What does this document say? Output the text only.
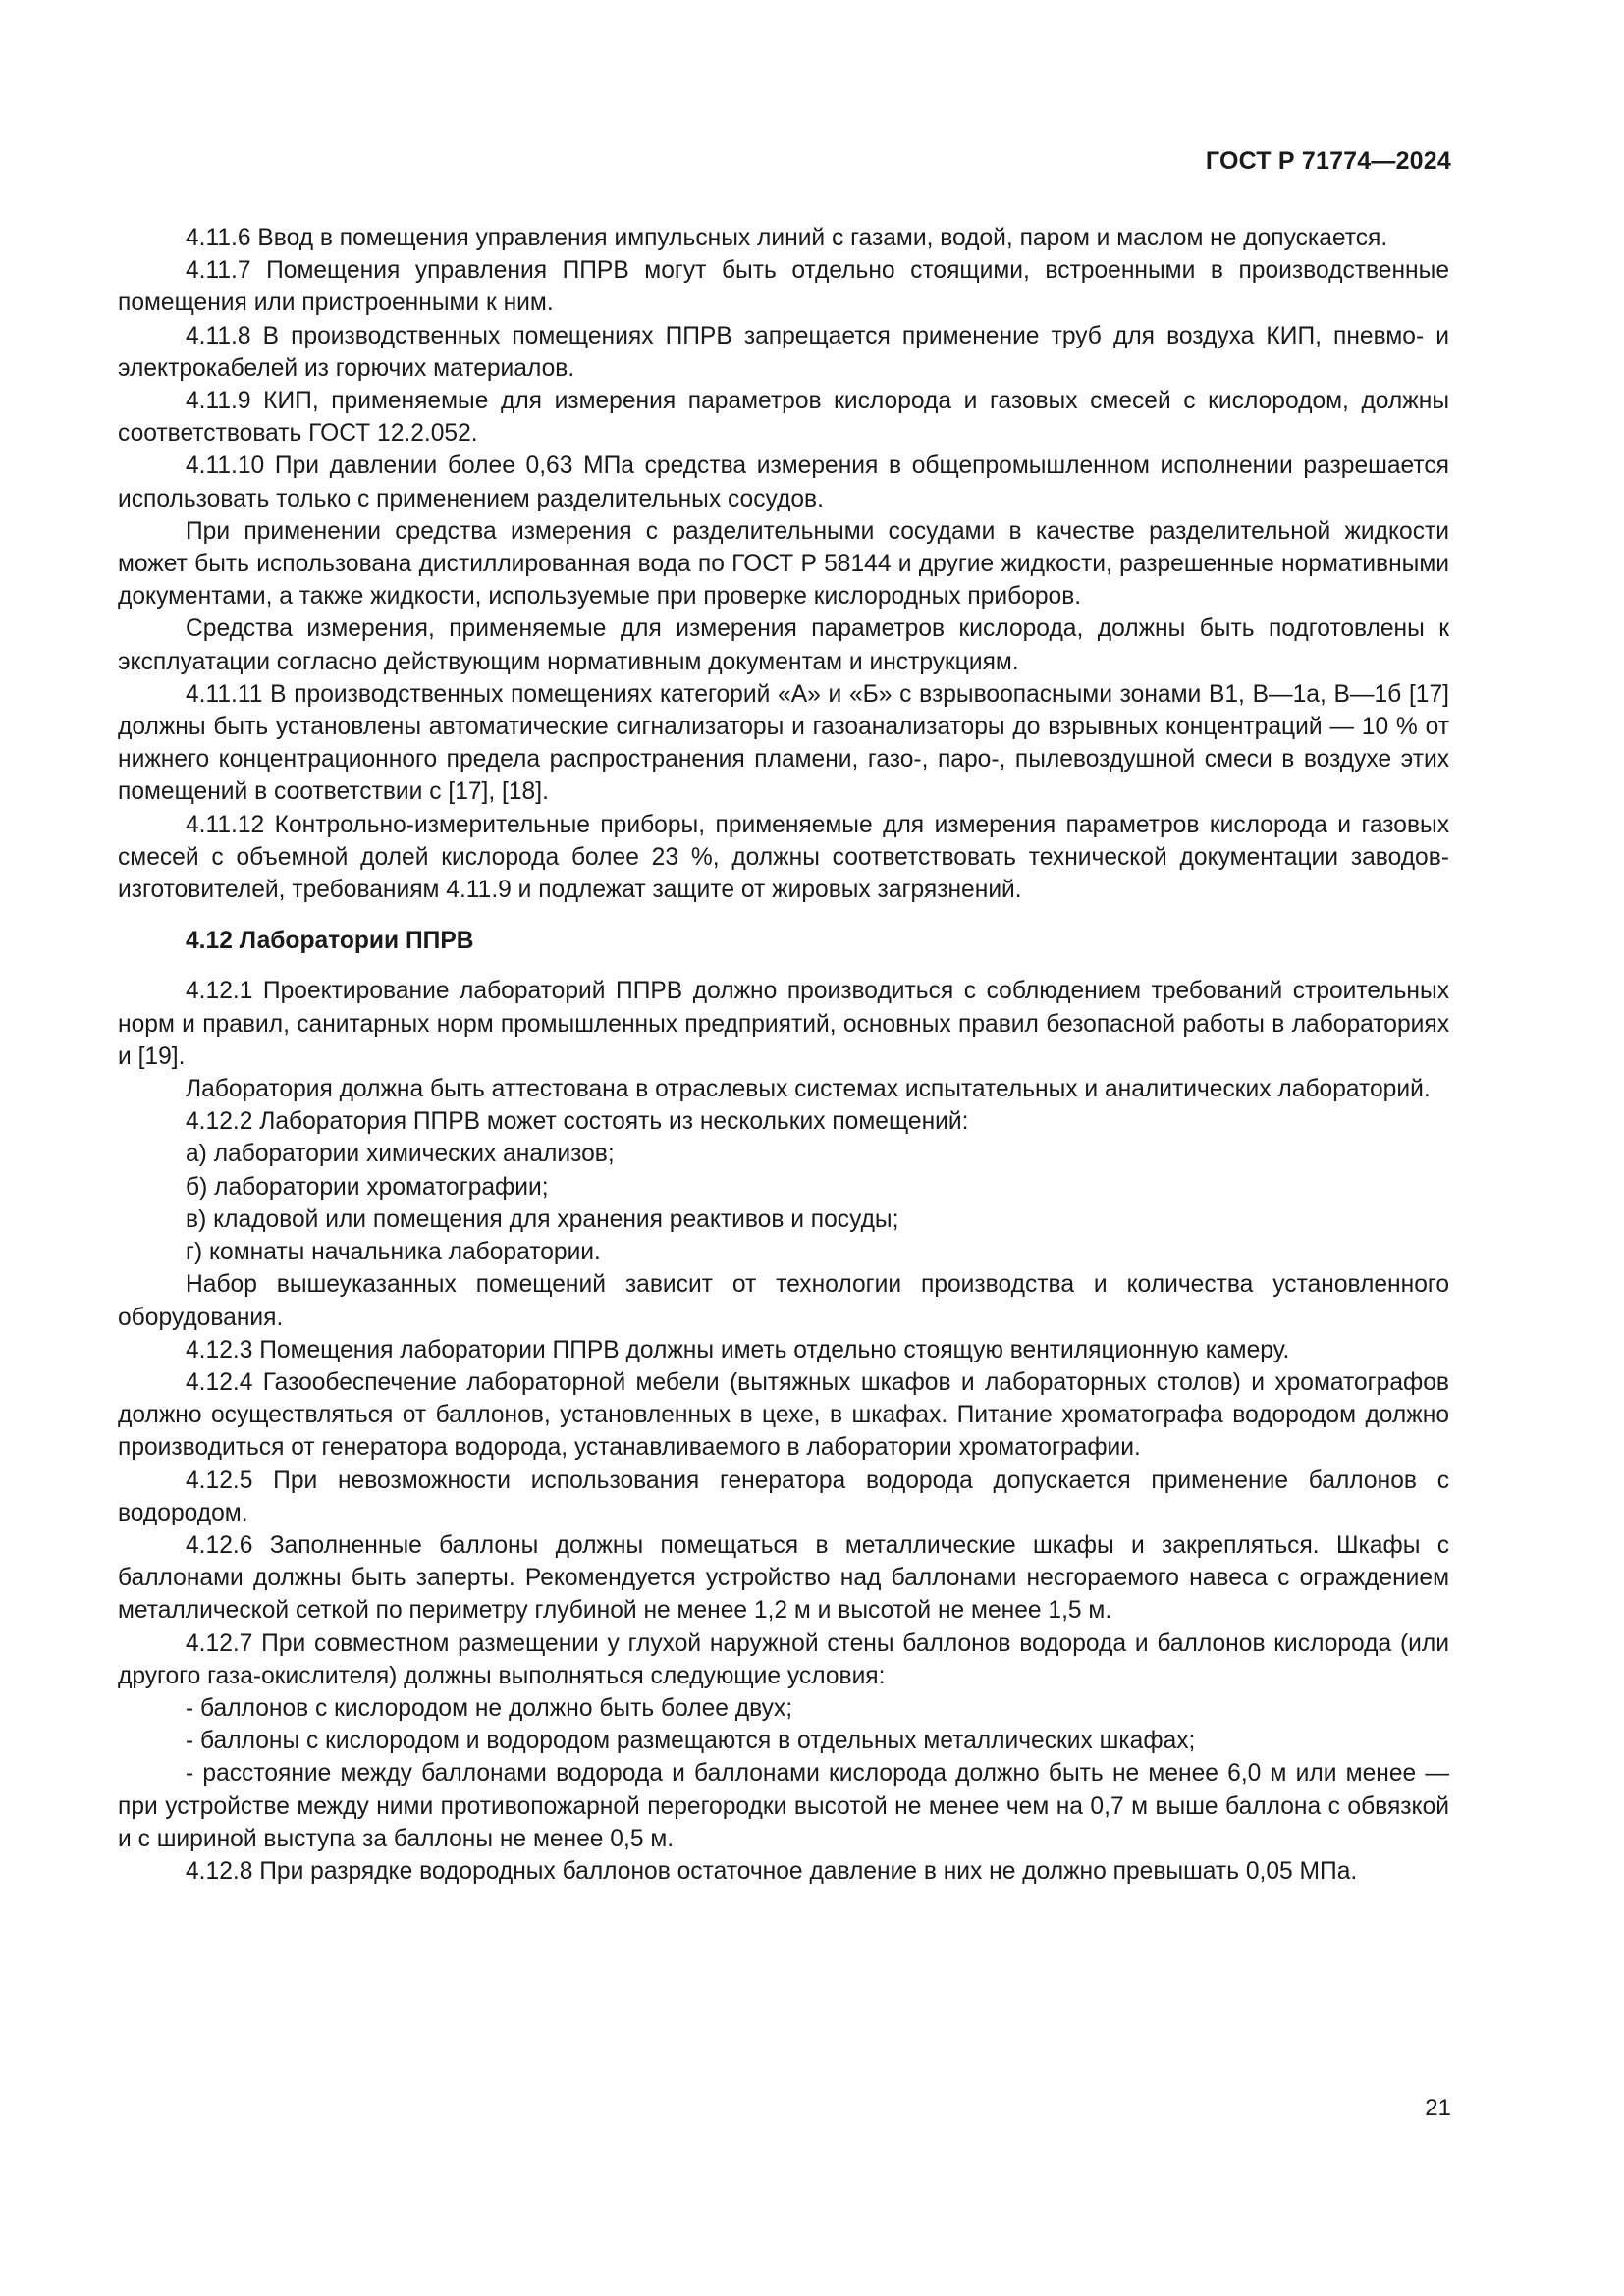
ГОСТ Р 71774—2024

4.11.6 Ввод в помещения управления импульсных линий с газами, водой, паром и маслом не допускается.

4.11.7 Помещения управления ППРВ могут быть отдельно стоящими, встроенными в производственные помещения или пристроенными к ним.

4.11.8 В производственных помещениях ППРВ запрещается применение труб для воздуха КИП, пневмо- и электрокабелей из горючих материалов.

4.11.9 КИП, применяемые для измерения параметров кислорода и газовых смесей с кислородом, должны соответствовать ГОСТ 12.2.052.

4.11.10 При давлении более 0,63 МПа средства измерения в общепромышленном исполнении разрешается использовать только с применением разделительных сосудов.

При применении средства измерения с разделительными сосудами в качестве разделительной жидкости может быть использована дистиллированная вода по ГОСТ Р 58144 и другие жидкости, разрешенные нормативными документами, а также жидкости, используемые при проверке кислородных приборов.

Средства измерения, применяемые для измерения параметров кислорода, должны быть подготовлены к эксплуатации согласно действующим нормативным документам и инструкциям.

4.11.11 В производственных помещениях категорий «А» и «Б» с взрывоопасными зонами В1, В—1а, В—1б [17] должны быть установлены автоматические сигнализаторы и газоанализаторы до взрывных концентраций — 10 % от нижнего концентрационного предела распространения пламени, газо-, паро-, пылевоздушной смеси в воздухе этих помещений в соответствии с [17], [18].

4.11.12 Контрольно-измерительные приборы, применяемые для измерения параметров кислорода и газовых смесей с объемной долей кислорода более 23 %, должны соответствовать технической документации заводов-изготовителей, требованиям 4.11.9 и подлежат защите от жировых загрязнений.

4.12 Лаборатории ППРВ

4.12.1 Проектирование лабораторий ППРВ должно производиться с соблюдением требований строительных норм и правил, санитарных норм промышленных предприятий, основных правил безопасной работы в лабораториях и [19].

Лаборатория должна быть аттестована в отраслевых системах испытательных и аналитических лабораторий.

4.12.2 Лаборатория ППРВ может состоять из нескольких помещений:

а) лаборатории химических анализов;

б) лаборатории хроматографии;

в) кладовой или помещения для хранения реактивов и посуды;

г) комнаты начальника лаборатории.

Набор вышеуказанных помещений зависит от технологии производства и количества установленного оборудования.

4.12.3 Помещения лаборатории ППРВ должны иметь отдельно стоящую вентиляционную камеру.

4.12.4 Газообеспечение лабораторной мебели (вытяжных шкафов и лабораторных столов) и хроматографов должно осуществляться от баллонов, установленных в цехе, в шкафах. Питание хроматографа водородом должно производиться от генератора водорода, устанавливаемого в лаборатории хроматографии.

4.12.5 При невозможности использования генератора водорода допускается применение баллонов с водородом.

4.12.6 Заполненные баллоны должны помещаться в металлические шкафы и закрепляться. Шкафы с баллонами должны быть заперты. Рекомендуется устройство над баллонами несгораемого навеса с ограждением металлической сеткой по периметру глубиной не менее 1,2 м и высотой не менее 1,5 м.

4.12.7 При совместном размещении у глухой наружной стены баллонов водорода и баллонов кислорода (или другого газа-окислителя) должны выполняться следующие условия:

- баллонов с кислородом не должно быть более двух;

- баллоны с кислородом и водородом размещаются в отдельных металлических шкафах;

- расстояние между баллонами водорода и баллонами кислорода должно быть не менее 6,0 м или менее — при устройстве между ними противопожарной перегородки высотой не менее чем на 0,7 м выше баллона с обвязкой и с шириной выступа за баллоны не менее 0,5 м.

4.12.8 При разрядке водородных баллонов остаточное давление в них не должно превышать 0,05 МПа.

21
